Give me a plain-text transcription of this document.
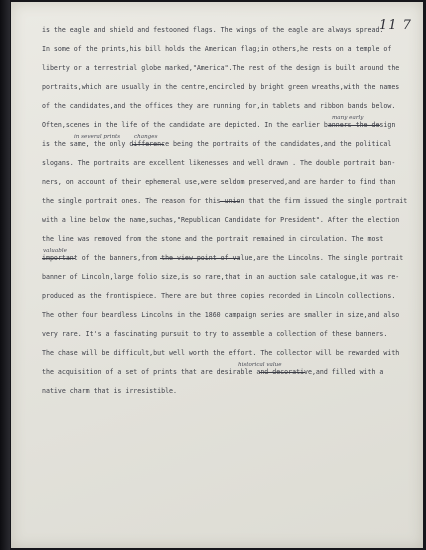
11 7
is the eagle and shield and festooned flags. The wings of the eagle are always spread.
In some of the prints,his bill holds the American flag;in others,he rests on a temple of
liberty or a terrestrial globe marked,"America".The rest of the design is built around the
portraits,which are usually in the centre,encircled by bright green wreaths,with the names
of the candidates,and the offices they are running for,in tablets and ribbon bands below.
Often,scenes in the life of the candidate are depicted. In the earlier banners the design
is the same, the only difference being the portraits of the candidates,and the political
slogans. The portraits are excellent likenesses and well drawn . The double portrait ban-
ners, on account of their ephemeral use,were seldom preserved,and are harder to find than
the single portrait ones. The reason for this union that the firm issued the single portrait
with a line below the name,suchas,"Republican Candidate for President". After the election
the line was removed from the stone and the portrait remained in circulation. The most
important of the banners,from the view point of value,are the Lincolns. The single portrait
banner of Lincoln,large folio size,is so rare,that in an auction sale catalogue,it was re-
produced as the frontispiece. There are but three copies recorded in Lincoln collections.
The other four beardless Lincolns in the 1860 campaign series are smaller in size,and also
very rare. It's a fascinating pursuit to try to assemble a collection of these banners.
The chase will be difficult,but well worth the effort. The collector will be rewarded with
the acquisition of a set of prints that are desirable and decorative,and filled with a
native charm that is irresistible.
many early
in several prints changes
valuable
historical value
